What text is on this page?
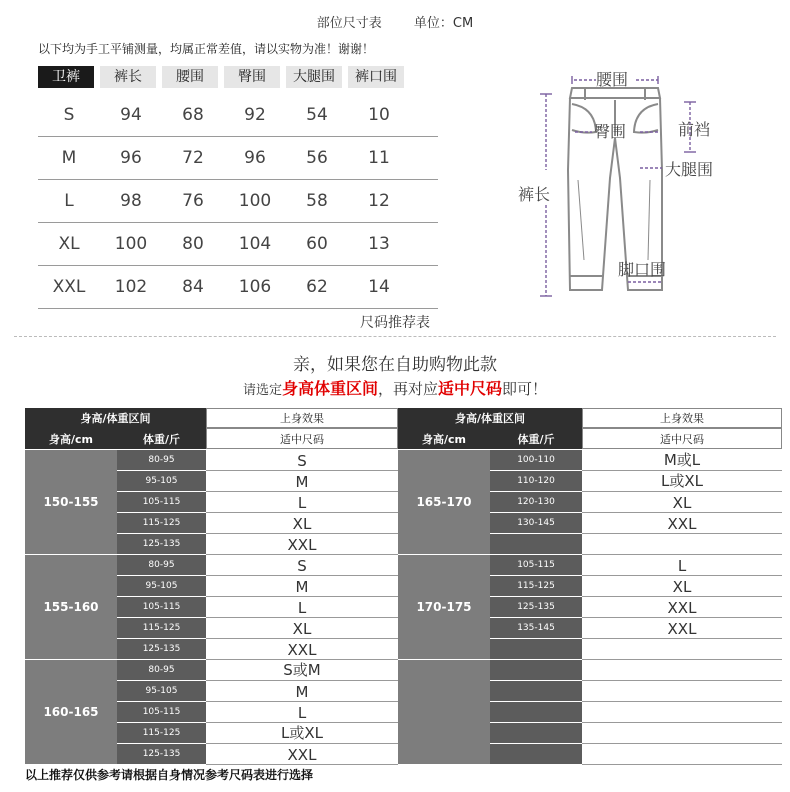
部位尺寸表 单位：CM
以下均为手工平铺测量，均属正常差值，请以实物为准！谢谢！
卫裤	裤长	腰围	臀围	大腿围	裤口围
S	94	68	92	54	10
M	96	72	96	56	11
L	98	76	100	58	12
XL	100	80	104	60	13
XXL	102	84	106	62	14
腰围
臀围	前裆
大腿围
裤长
脚口围
尺码推荐表
亲，如果您在自助购物此款
请选定身高体重区间，再对应适中尺码即可！
身高/体重区间	上身效果
身高/cm	体重/斤	适中尺码
150-155
80-95	S
95-105	M
105-115	L
115-125	XL
125-135	XXL
155-160
80-95	S
95-105	M
105-115	L
115-125	XL
125-135	XXL
160-165
80-95	S或M
95-105	M
105-115	L
115-125	L或XL
125-135	XXL
身高/体重区间	上身效果
身高/cm	体重/斤	适中尺码
165-170
100-110	M或L
110-120	L或XL
120-130	XL
130-145	XXL
170-175
105-115	L
115-125	XL
125-135	XXL
135-145	XXL
以上推荐仅供参考请根据自身情况参考尺码表进行选择
